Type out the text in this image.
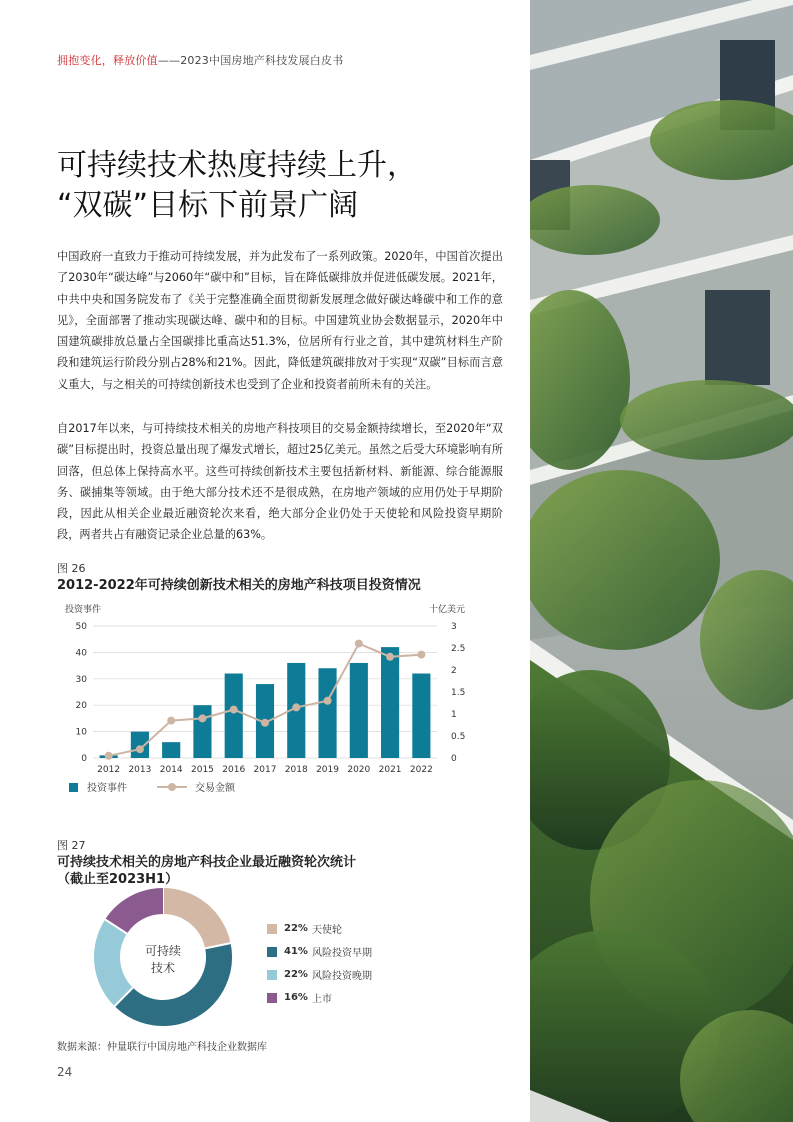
拥抱变化，释放价值——2023中国房地产科技发展白皮书
可持续技术热度持续上升，
“双碳”目标下前景广阔
中国政府一直致力于推动可持续发展，并为此发布了一系列政策。2020年，中国首次提出了2030年“碳达峰”与2060年“碳中和”目标，旨在降低碳排放并促进低碳发展。2021年，中共中央和国务院发布了《关于完整准确全面贯彻新发展理念做好碳达峰碳中和工作的意见》，全面部署了推动实现碳达峰、碳中和的目标。中国建筑业协会数据显示，2020年中国建筑碳排放总量占全国碳排比重高达51.3%，位居所有行业之首，其中建筑材料生产阶段和建筑运行阶段分别占28%和21%。因此，降低建筑碳排放对于实现“双碳”目标而言意义重大，与之相关的可持续创新技术也受到了企业和投资者前所未有的关注。
自2017年以来，与可持续技术相关的房地产科技项目的交易金额持续增长，至2020年“双碳”目标提出时，投资总量出现了爆发式增长，超过25亿美元。虽然之后受大环境影响有所回落，但总体上保持高水平。这些可持续创新技术主要包括新材料、新能源、综合能源服务、碳捕集等领域。由于绝大部分技术还不是很成熟，在房地产领域的应用仍处于早期阶段，因此从相关企业最近融资轮次来看，绝大部分企业仍处于天使轮和风险投资早期阶段，两者共占有融资记录企业总量的63%。
图 26
2012-2022年可持续创新技术相关的房地产科技项目投资情况
投资事件	十亿美元
0
10
20
30
40
50
0
0.5
1
1.5
2
2.5
3
2012 2013 2014 2015 2016 2017 2018 2019 2020 2021 2022
投资事件	交易金额
图 27
可持续技术相关的房地产科技企业最近融资轮次统计
（截止至2023H1）
可持续
技术
22% 天使轮
41% 风险投资早期
22% 风险投资晚期
16% 上市
数据来源：仲量联行中国房地产科技企业数据库
24
